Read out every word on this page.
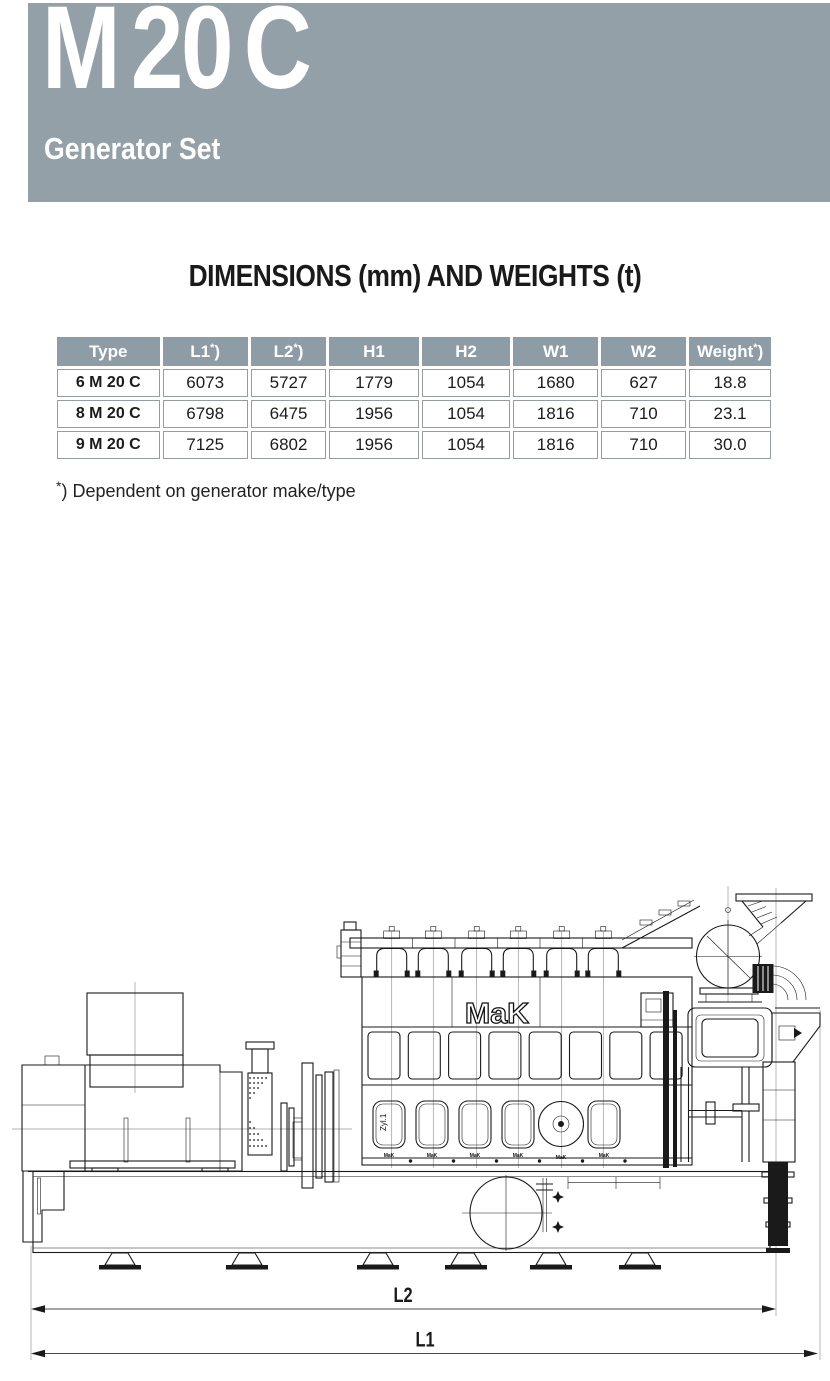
M 20 C
Generator Set
DIMENSIONS (mm) AND WEIGHTS (t)
Type	L1*)	L2*)	H1	H2	W1	W2	Weight*)
6 M 20 C	6073	5727	1779	1054	1680	627	18.8
8 M 20 C	6798	6475	1956	1054	1816	710	23.1
9 M 20 C	7125	6802	1956	1054	1816	710	30.0
*) Dependent on generator make/type
MaK
MaK	MaK	MaK	MaK	MaK	MaK
Zyl.1
L2
L1
